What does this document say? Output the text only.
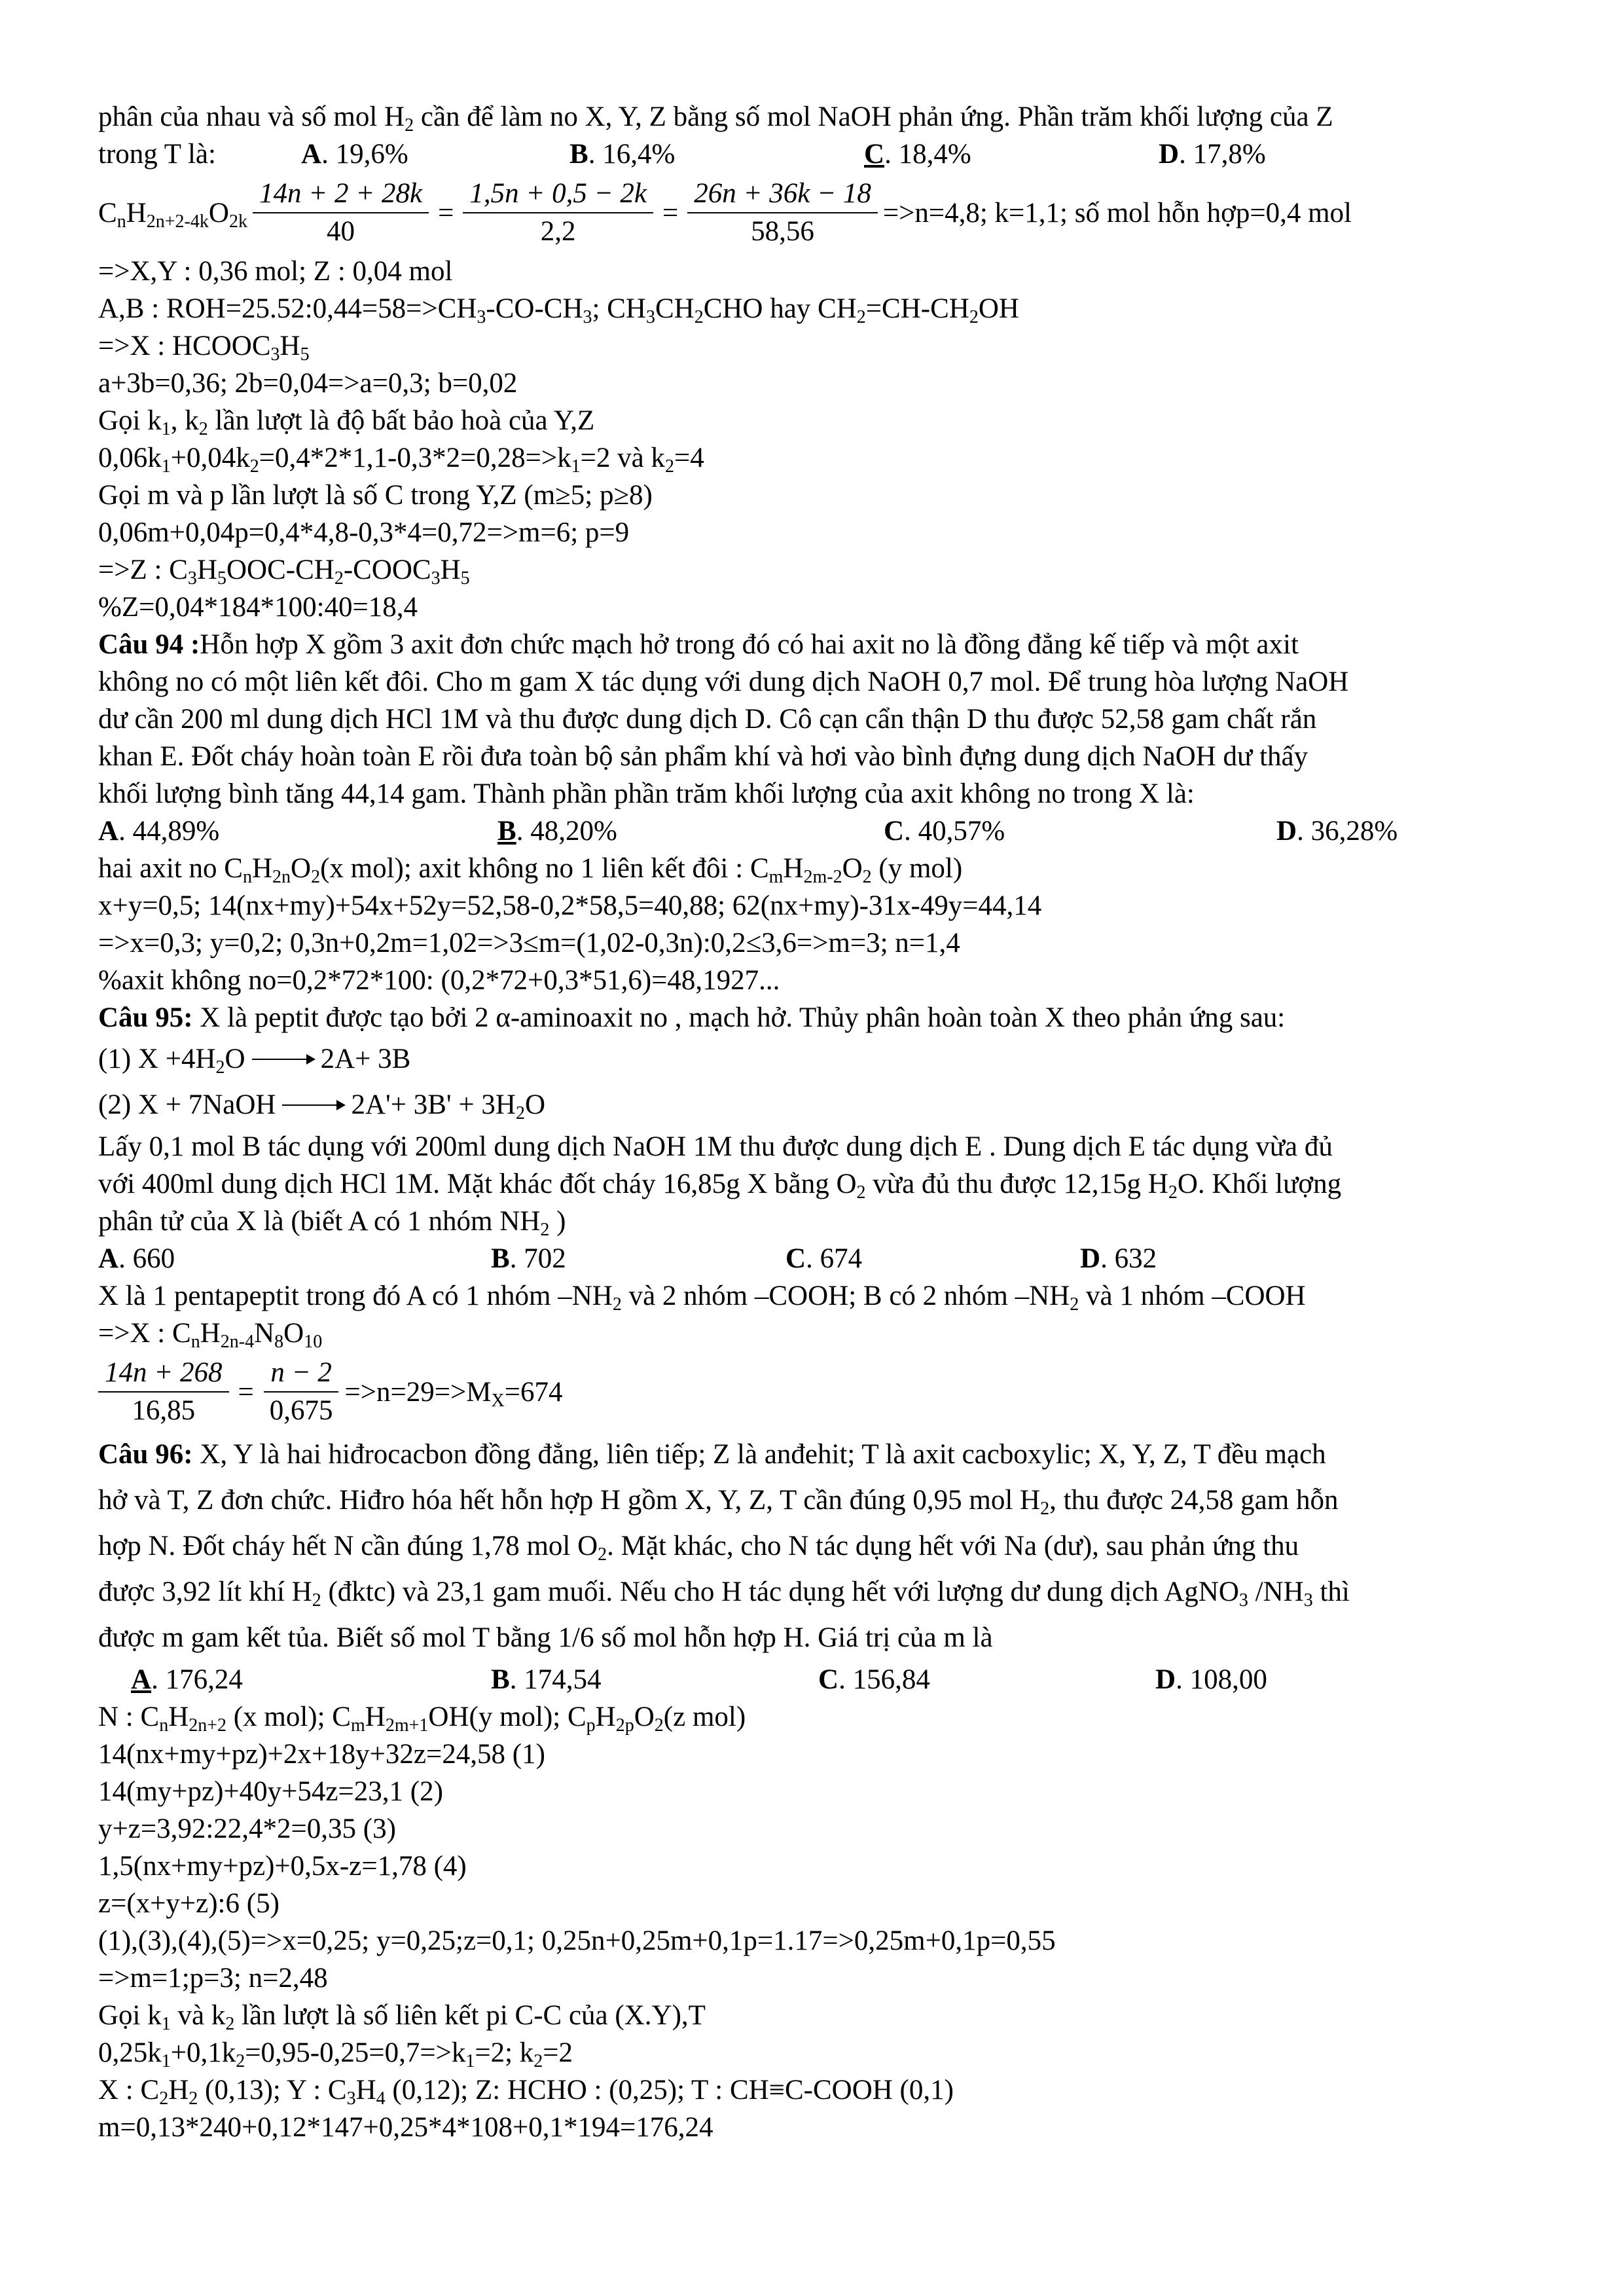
phân của nhau và số mol $H_2$ cần để làm no X, Y, Z bằng số mol NaOH phản ứng. Phần trăm khối lượng của Z
trong T là:	A. 19,6%	B. 16,4%	C. 18,4%	D. 17,8%
$C_nH_{2n+2-4k}O_{2k} \frac{14n + 2 + 28k}{40} = \frac{1,5n + 0,5 - 2k}{2,2} = \frac{26n + 36k - 18}{58,56} =>n=4,8$; k=1,1; số mol hỗn hợp=0,4 mol
=>X,Y : 0,36 mol; Z : 0,04 mol
A,B : $ROH=25.52:0,44=58=>CH_3-CO-CH_3$; $CH_3CH_2CHO$ hay $CH_2=CH-CH_2OH$
=>X : $HCOOC_3H_5$
a+3b=0,36; 2b=0,04=>a=0,3; b=0,02
Gọi $k_1$, $k_2$ lần lượt là độ bất bảo hoà của Y,Z
$0,06k_1+0,04k_2=0,4*2*1,1-0,3*2=0,28=>k_1=2$ và $k_2=4$
Gọi m và p lần lượt là số C trong Y,Z (m≥5; p≥8)
0,06m+0,04p=0,4*4,8-0,3*4=0,72=>m=6; p=9
=>Z : $C_3H_5OOC-CH_2-COOC_3H_5$
%Z=0,04*184*100:40=18,4
Câu 94 :Hỗn hợp X gồm 3 axit đơn chức mạch hở trong đó có hai axit no là đồng đẳng kế tiếp và một axit
không no có một liên kết đôi. Cho m gam X tác dụng với dung dịch NaOH 0,7 mol. Để trung hòa lượng NaOH
dư cần 200 ml dung dịch HCl 1M và thu được dung dịch D. Cô cạn cẩn thận D thu được 52,58 gam chất rắn
khan E. Đốt cháy hoàn toàn E rồi đưa toàn bộ sản phẩm khí và hơi vào bình đựng dung dịch NaOH dư thấy
khối lượng bình tăng 44,14 gam. Thành phần phần trăm khối lượng của axit không no trong X là:
A. 44,89%	B. 48,20%	C. 40,57%	D. 36,28%
hai axit no $C_nH_{2n}O_2(x$ mol); axit không no 1 liên kết đôi : $C_mH_{2m-2}O_2$ (y mol)
x+y=0,5; 14(nx+my)+54x+52y=52,58-0,2*58,5=40,88; 62(nx+my)-31x-49y=44,14
=>x=0,3; y=0,2; 0,3n+0,2m=1,02=>3≤m=(1,02-0,3n):0,2≤3,6=>m=3; n=1,4
%axit không no=0,2*72*100: (0,2*72+0,3*51,6)=48,1927...
Câu 95: X là peptit được tạo bởi 2 α-aminoaxit no , mạch hở. Thủy phân hoàn toàn X theo phản ứng sau:
(1) $X +4H_2O$	2A+ 3B
(2) X + 7NaOH	$2A'+ 3B' + 3H_2O$
Lấy 0,1 mol B tác dụng với 200ml dung dịch NaOH 1M thu được dung dịch E . Dung dịch E tác dụng vừa đủ
với 400ml dung dịch HCl 1M. Mặt khác đốt cháy 16,85g X bằng $O_2$ vừa đủ thu được 12,15g $H_2O$. Khối lượng
phân tử của X là (biết A có 1 nhóm $NH_2$ )
A. 660	B. 702	C. 674	D. 632
X là 1 pentapeptit trong đó A có 1 nhóm $-NH_2$ và 2 nhóm –COOH; B có 2 nhóm $-NH_2$ và 1 nhóm –COOH
=>X : $C_nH_{2n-4}N_8O_{10}$
$\frac{14n + 268}{16,85} = \frac{n - 2}{0,675} =>n=29=>M_X=674$
Câu 96: X, Y là hai hiđrocacbon đồng đẳng, liên tiếp; Z là anđehit; T là axit cacboxylic; X, Y, Z, T đều mạch
hở và T, Z đơn chức. Hiđro hóa hết hỗn hợp H gồm X, Y, Z, T cần đúng 0,95 mol $H_2$, thu được 24,58 gam hỗn
hợp N. Đốt cháy hết N cần đúng 1,78 mol $O_2$. Mặt khác, cho N tác dụng hết với Na (dư), sau phản ứng thu
được 3,92 lít khí $H_2$ (đktc) và 23,1 gam muối. Nếu cho H tác dụng hết với lượng dư dung dịch AgNO$_3$ $/NH_3$ thì
được m gam kết tủa. Biết số mol T bằng 1/6 số mol hỗn hợp H. Giá trị của m là
A. 176,24	B. 174,54	C. 156,84	D. 108,00
N : $C_nH_{2n+2}$ (x mol); $C_mH_{2m+1}OH(y$ mol); $C_pH_{2p}O_2(z$ mol)
14(nx+my+pz)+2x+18y+32z=24,58 (1)
14(my+pz)+40y+54z=23,1 (2)
y+z=3,92:22,4*2=0,35 (3)
1,5(nx+my+pz)+0,5x-z=1,78 (4)
z=(x+y+z):6 (5)
(1),(3),(4),(5)=>x=0,25; y=0,25;z=0,1; 0,25n+0,25m+0,1p=1.17=>0,25m+0,1p=0,55
=>m=1;p=3; n=2,48
Gọi $k_1$ và $k_2$ lần lượt là số liên kết pi C-C của (X.Y),T
$0,25k_1+0,1k_2=0,95-0,25=0,7=>k_1=2$; $k_2=2$
X : $C_2H_2$ (0,13); Y : $C_3H_4$ (0,12); Z: HCHO : (0,25); T : CH≡C-COOH (0,1)
m=0,13*240+0,12*147+0,25*4*108+0,1*194=176,24
